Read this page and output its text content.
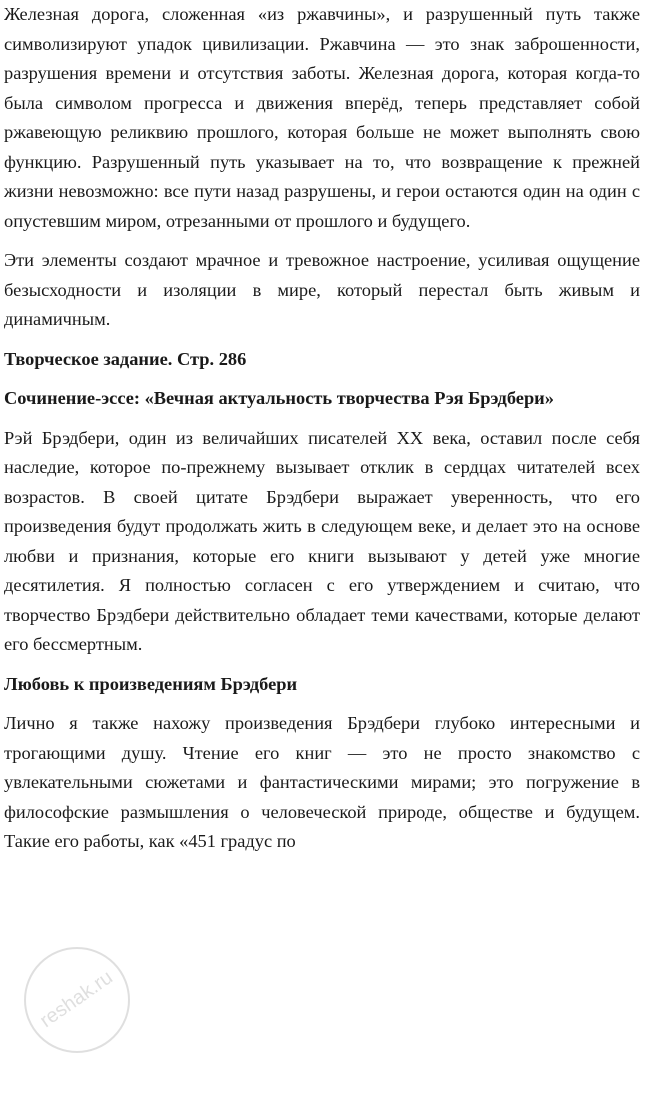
Железная дорога, сложенная «из ржавчины», и разрушенный путь также символизируют упадок цивилизации. Ржавчина — это знак заброшенности, разрушения времени и отсутствия заботы. Железная дорога, которая когда-то была символом прогресса и движения вперёд, теперь представляет собой ржавеющую реликвию прошлого, которая больше не может выполнять свою функцию. Разрушенный путь указывает на то, что возвращение к прежней жизни невозможно: все пути назад разрушены, и герои остаются один на один с опустевшим миром, отрезанными от прошлого и будущего.

Эти элементы создают мрачное и тревожное настроение, усиливая ощущение безысходности и изоляции в мире, который перестал быть живым и динамичным.

Творческое задание. Стр. 286

Сочинение-эссе: «Вечная актуальность творчества Рэя Брэдбери»

Рэй Брэдбери, один из величайших писателей XX века, оставил после себя наследие, которое по-прежнему вызывает отклик в сердцах читателей всех возрастов. В своей цитате Брэдбери выражает уверенность, что его произведения будут продолжать жить в следующем веке, и делает это на основе любви и признания, которые его книги вызывают у детей уже многие десятилетия. Я полностью согласен с его утверждением и считаю, что творчество Брэдбери действительно обладает теми качествами, которые делают его бессмертным.

Любовь к произведениям Брэдбери

Лично я также нахожу произведения Брэдбери глубоко интересными и трогающими душу. Чтение его книг — это не просто знакомство с увлекательными сюжетами и фантастическими мирами; это погружение в философские размышления о человеческой природе, обществе и будущем. Такие его работы, как «451 градус по

reshak.ru
